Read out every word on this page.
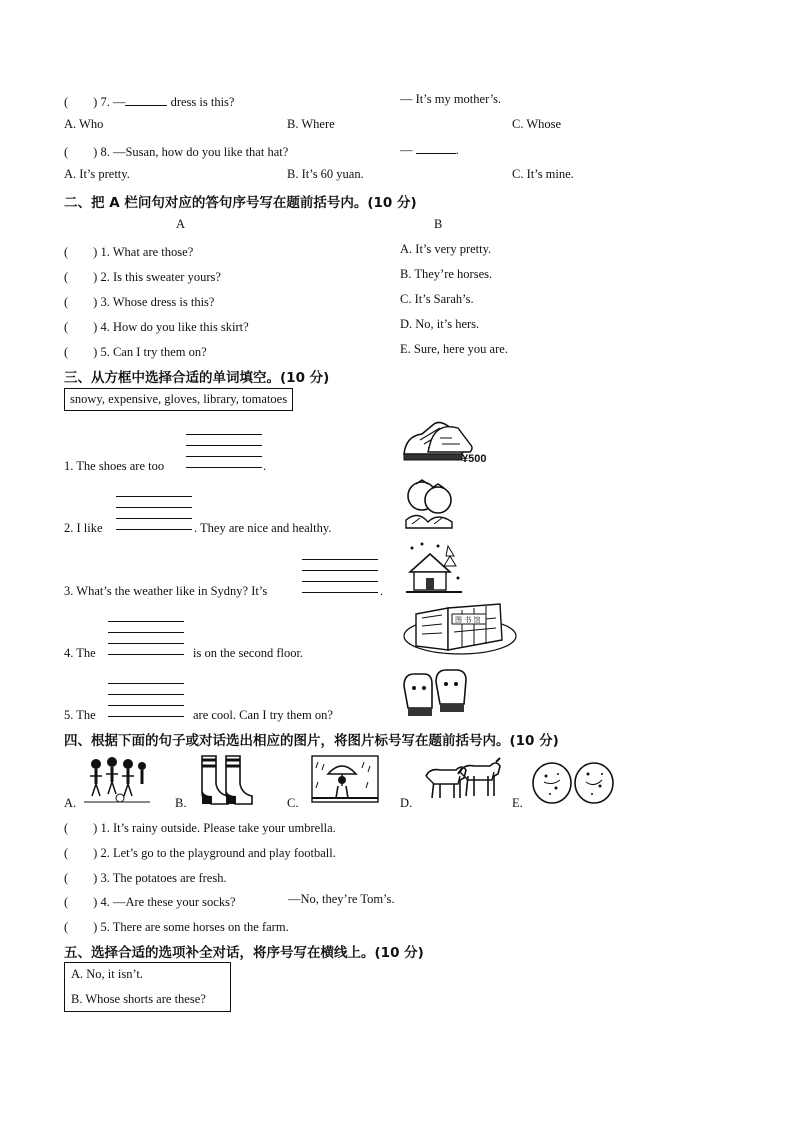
(　　) 7. —	dress is this?	— It’s my mother’s.
A. Who	B. Where	C. Whose
(　　) 8. —Susan, how do you like that hat?	—	.
A. It’s pretty.	B. It’s 60 yuan.	C. It’s mine.
二、把 A 栏问句对应的答句序号写在题前括号内。(10 分)
A	B
(　　) 1. What are those?	A. It’s very pretty.
(　　) 2. Is this sweater yours?	B. They’re horses.
(　　) 3. Whose dress is this?	C. It’s Sarah’s.
(　　) 4. How do you like this skirt?	D. No, it’s hers.
(　　) 5. Can I try them on?	E. Sure, here you are.
三、从方框中选择合适的单词填空。(10 分)
snowy, expensive, gloves, library, tomatoes
1. The shoes are too	.
2. I like	. They are nice and healthy.
3. What’s the weather like in Sydny? It’s	.
4. The	is on the second floor.
5. The	are cool. Can I try them on?
¥500
图 书 馆
四、根据下面的句子或对话选出相应的图片，将图片标号写在题前括号内。(10 分)
A.	B.	C.	D.	E.
(　　) 1. It’s rainy outside. Please take your umbrella.
(　　) 2. Let’s go to the playground and play football.
(　　) 3. The potatoes are fresh.
(　　) 4. —Are these your socks?	—No, they’re Tom’s.
(　　) 5. There are some horses on the farm.
五、选择合适的选项补全对话，将序号写在横线上。(10 分)
A. No, it isn’t.
B. Whose shorts are these?
